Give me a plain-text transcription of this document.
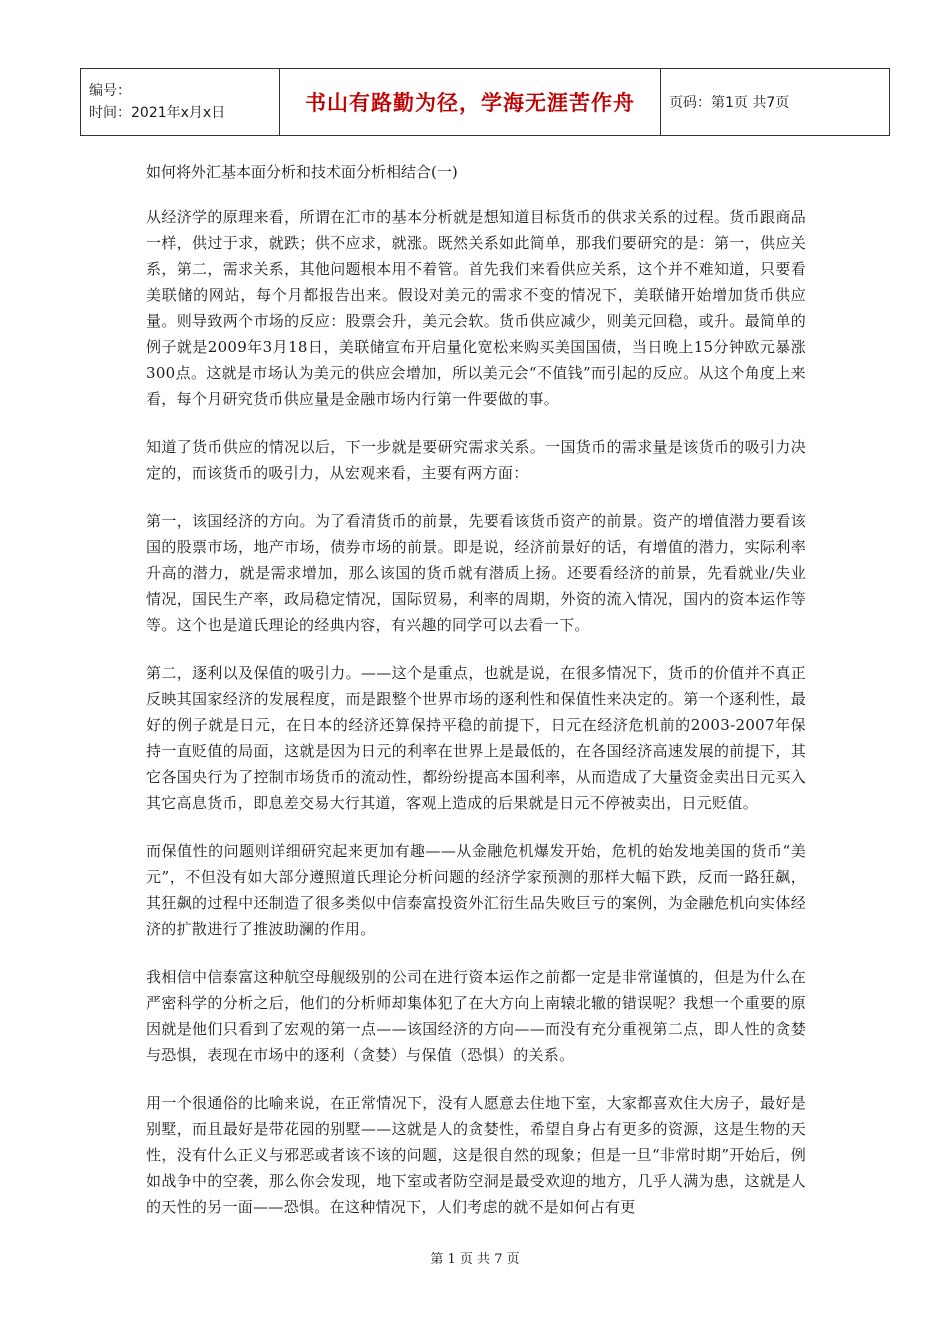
编号：
时间：2021年x月x日	书山有路勤为径，学海无涯苦作舟	页码：第1页 共7页
如何将外汇基本面分析和技术面分析相结合(一)

从经济学的原理来看，所谓在汇市的基本分析就是想知道目标货币的供求关系的过程。货币跟商品一样，供过于求，就跌；供不应求，就涨。既然关系如此简单，那我们要研究的是：第一，供应关系，第二，需求关系，其他问题根本用不着管。首先我们来看供应关系，这个并不难知道，只要看美联储的网站，每个月都报告出来。假设对美元的需求不变的情况下，美联储开始增加货币供应量。则导致两个市场的反应：股票会升，美元会软。货币供应减少，则美元回稳，或升。最简单的例子就是2009年3月18日，美联储宣布开启量化宽松来购买美国国债，当日晚上15分钟欧元暴涨300点。这就是市场认为美元的供应会增加，所以美元会“不值钱”而引起的反应。从这个角度上来看，每个月研究货币供应量是金融市场内行第一件要做的事。

知道了货币供应的情况以后，下一步就是要研究需求关系。一国货币的需求量是该货币的吸引力决定的，而该货币的吸引力，从宏观来看，主要有两方面：

第一，该国经济的方向。为了看清货币的前景，先要看该货币资产的前景。资产的增值潜力要看该国的股票市场，地产市场，债券市场的前景。即是说，经济前景好的话，有增值的潜力，实际利率升高的潜力，就是需求增加，那么该国的货币就有潜质上扬。还要看经济的前景，先看就业/失业情况，国民生产率，政局稳定情况，国际贸易，利率的周期，外资的流入情况，国内的资本运作等等。这个也是道氏理论的经典内容，有兴趣的同学可以去看一下。

第二，逐利以及保值的吸引力。——这个是重点，也就是说，在很多情况下，货币的价值并不真正反映其国家经济的发展程度，而是跟整个世界市场的逐利性和保值性来决定的。第一个逐利性，最好的例子就是日元，在日本的经济还算保持平稳的前提下，日元在经济危机前的2003-2007年保持一直贬值的局面，这就是因为日元的利率在世界上是最低的，在各国经济高速发展的前提下，其它各国央行为了控制市场货币的流动性，都纷纷提高本国利率，从而造成了大量资金卖出日元买入其它高息货币，即息差交易大行其道，客观上造成的后果就是日元不停被卖出，日元贬值。

而保值性的问题则详细研究起来更加有趣——从金融危机爆发开始，危机的始发地美国的货币“美元”，不但没有如大部分遵照道氏理论分析问题的经济学家预测的那样大幅下跌，反而一路狂飙，其狂飙的过程中还制造了很多类似中信泰富投资外汇衍生品失败巨亏的案例，为金融危机向实体经济的扩散进行了推波助澜的作用。

我相信中信泰富这种航空母舰级别的公司在进行资本运作之前都一定是非常谨慎的，但是为什么在严密科学的分析之后，他们的分析师却集体犯了在大方向上南辕北辙的错误呢？我想一个重要的原因就是他们只看到了宏观的第一点——该国经济的方向——而没有充分重视第二点，即人性的贪婪与恐惧，表现在市场中的逐利（贪婪）与保值（恐惧）的关系。

用一个很通俗的比喻来说，在正常情况下，没有人愿意去住地下室，大家都喜欢住大房子，最好是别墅，而且最好是带花园的别墅——这就是人的贪婪性，希望自身占有更多的资源，这是生物的天性，没有什么正义与邪恶或者该不该的问题，这是很自然的现象；但是一旦“非常时期”开始后，例如战争中的空袭，那么你会发现，地下室或者防空洞是最受欢迎的地方，几乎人满为患，这就是人的天性的另一面——恐惧。在这种情况下，人们考虑的就不是如何占有更

第 1 页 共 7 页
